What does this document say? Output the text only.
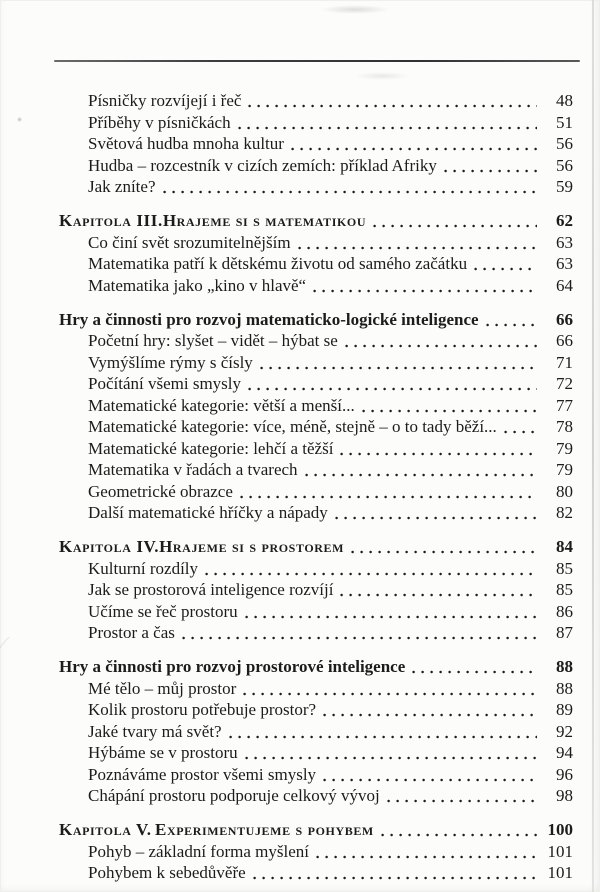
Písničky rozvíjejí i řeč	48
Příběhy v písničkách	51
Světová hudba mnoha kultur	56
Hudba – rozcestník v cizích zemích: příklad Afriky	56
Jak zníte?	59
Kapitola III. Hrajeme si s matematikou	62
Co činí svět srozumitelnějším	63
Matematika patří k dětskému životu od samého začátku	63
Matematika jako „kino v hlavě“	64
Hry a činnosti pro rozvoj matematicko-logické inteligence	66
Početní hry: slyšet – vidět – hýbat se	66
Vymýšlíme rýmy s čísly	71
Počítání všemi smysly	72
Matematické kategorie: větší a menší...	77
Matematické kategorie: více, méně, stejně – o to tady běží...	78
Matematické kategorie: lehčí a těžší	79
Matematika v řadách a tvarech	79
Geometrické obrazce	80
Další matematické hříčky a nápady	82
Kapitola IV. Hrajeme si s prostorem	84
Kulturní rozdíly	85
Jak se prostorová inteligence rozvíjí	85
Učíme se řeč prostoru	86
Prostor a čas	87
Hry a činnosti pro rozvoj prostorové inteligence	88
Mé tělo – můj prostor	88
Kolik prostoru potřebuje prostor?	89
Jaké tvary má svět?	92
Hýbáme se v prostoru	94
Poznáváme prostor všemi smysly	96
Chápání prostoru podporuje celkový vývoj	98
Kapitola V. Experimentujeme s pohybem	100
Pohyb – základní forma myšlení	101
Pohybem k sebedůvěře	101
